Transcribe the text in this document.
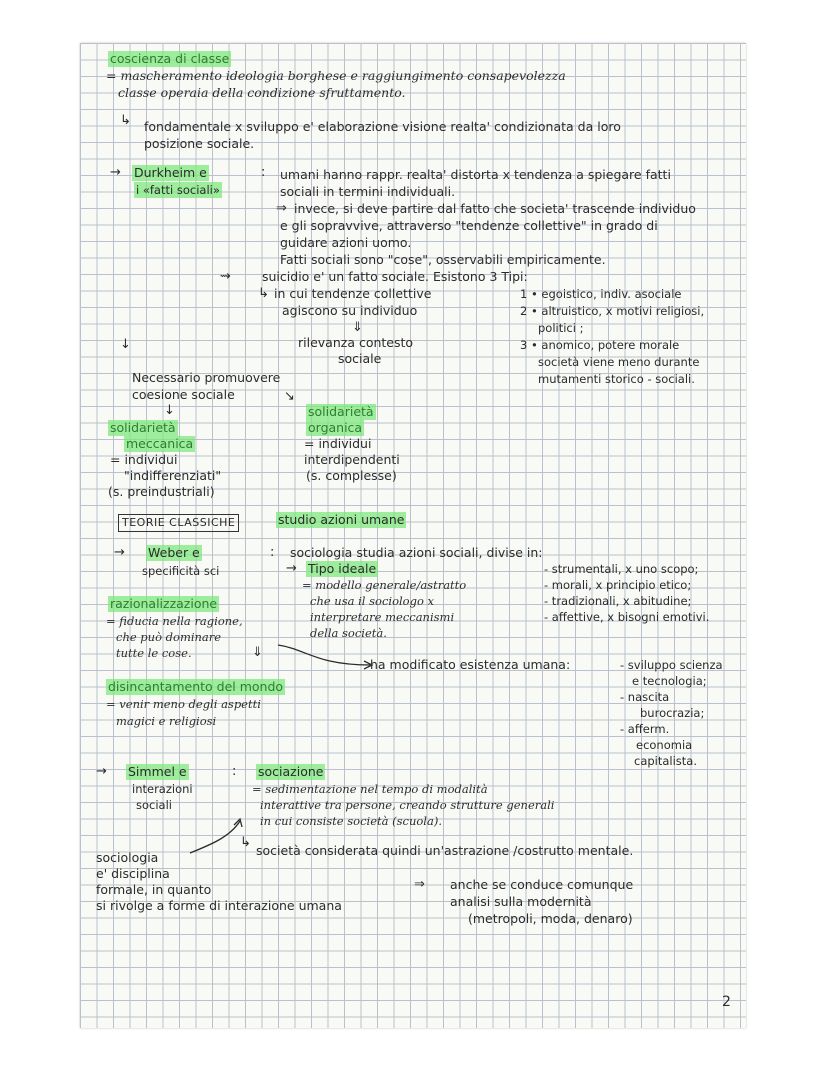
coscienza di classe

= mascheramento ideologia borghese e raggiungimento consapevolezza

classe operaia della condizione sfruttamento.

↳ fondamentale x sviluppo e' elaborazione visione realta' condizionata da loro

posizione sociale.

→ Durkheim e

i «fatti sociali»

: umani hanno rappr. realta' distorta x tendenza a spiegare fatti

sociali in termini individuali.

⇒ invece, si deve partire dal fatto che societa' trascende individuo

e gli sopravvive, attraverso "tendenze collettive" in grado di

guidare azioni uomo.

Fatti sociali sono "cose", osservabili empiricamente.

⇝ suicidio e' un fatto sociale. Esistono 3 Tipi:

↳ in cui tendenze collettive

agiscono su individuo

⇓

rilevanza contesto

sociale

1 • egoistico, indiv. asociale

2 • altruistico, x motivi religiosi,

politici ;

3 • anomico, potere morale

società viene meno durante

mutamenti storico - sociali.

↓

Necessario promuovere

coesione sociale

↓
↘

solidarietà

meccanica

= individui

"indifferenziati"

(s. preindustriali)

solidarietà

organica

= individui

interdipendenti

(s. complesse)

TEORIE CLASSICHE	studio azioni umane

→ Weber e

specificità sci

: sociologia studia azioni sociali, divise in:

→ Tipo ideale

= modello generale/astratto

che usa il sociologo x

interpretare meccanismi

della società.

- strumentali, x uno scopo;

- morali, x principio etico;

- tradizionali, x abitudine;

- affettive, x bisogni emotivi.

razionalizzazione

= fiducia nella ragione,

che può dominare

tutte le cose.	⇓

ha modificato esistenza umana:	- sviluppo scienza

e tecnologia;

- nascita

burocrazia;

- afferm.

economia

capitalista.

disincantamento del mondo

= venir meno degli aspetti

magici e religiosi

→ Simmel e

interazioni

sociali

: sociazione

= sedimentazione nel tempo di modalità

interattive tra persone, creando strutture generali

in cui consiste società (scuola).

↳

società considerata quindi un'astrazione /costrutto mentale.

sociologia

e' disciplina

formale, in quanto

si rivolge a forme di interazione umana

⇒ anche se conduce comunque

analisi sulla modernità

(metropoli, moda, denaro)

2
